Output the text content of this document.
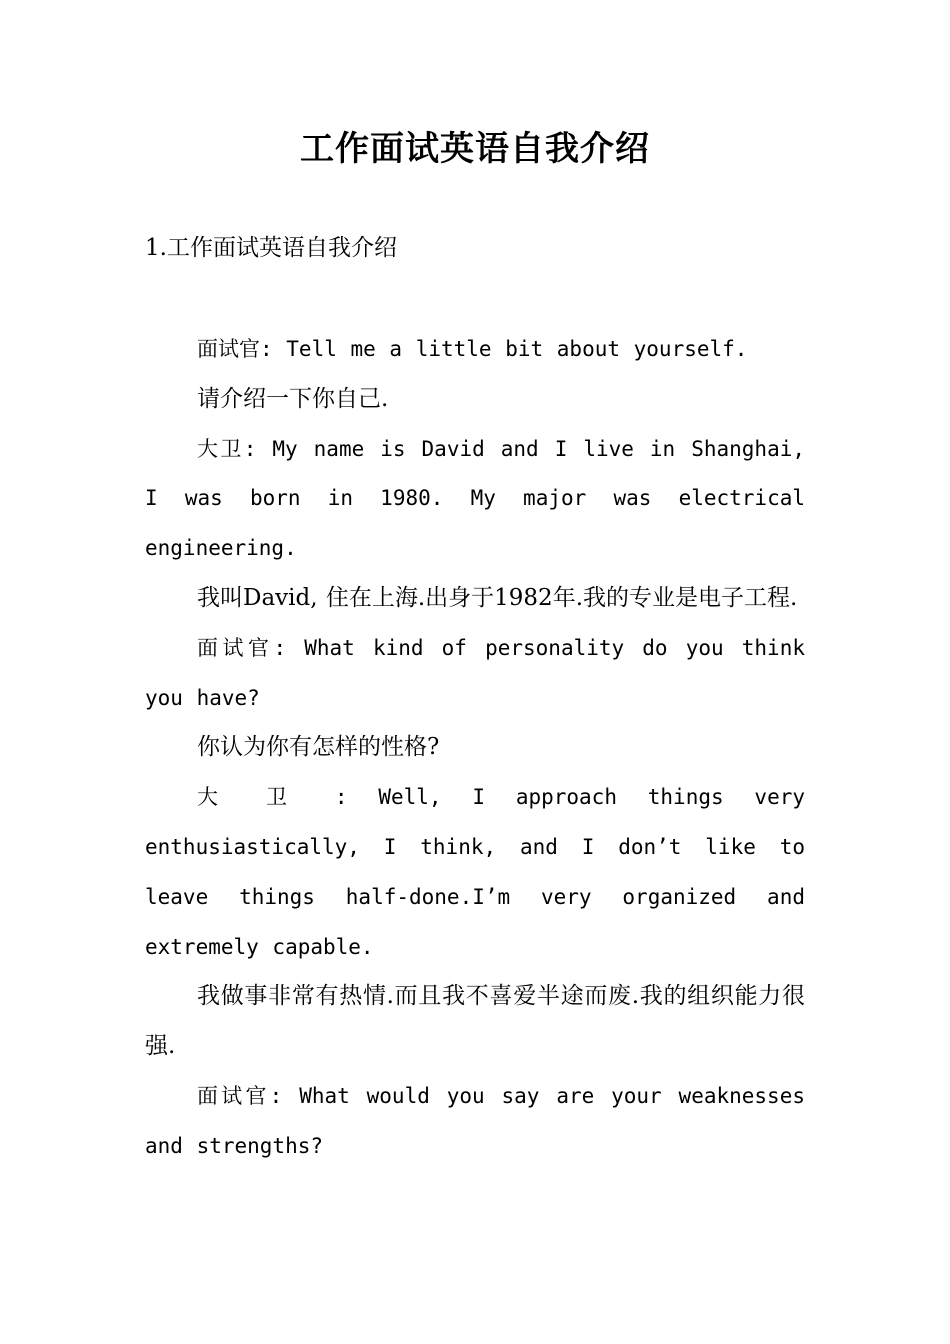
工作面试英语自我介绍
1.工作面试英语自我介绍

面试官: Tell me a little bit about yourself.

请介绍一下你自己.

大卫: My name is David and I live in Shanghai, I was born in 1980. My major was electrical engineering.

我叫David, 住在上海.出身于1982年.我的专业是电子工程.

面试官: What kind of personality do you think you have?

你认为你有怎样的性格?

大 卫 : Well, I approach things very enthusiastically, I think, and I don’t like to leave things half-done.I’m very organized and extremely capable.

我做事非常有热情.而且我不喜爱半途而废.我的组织能力很强.

面试官: What would you say are your weaknesses and strengths?
